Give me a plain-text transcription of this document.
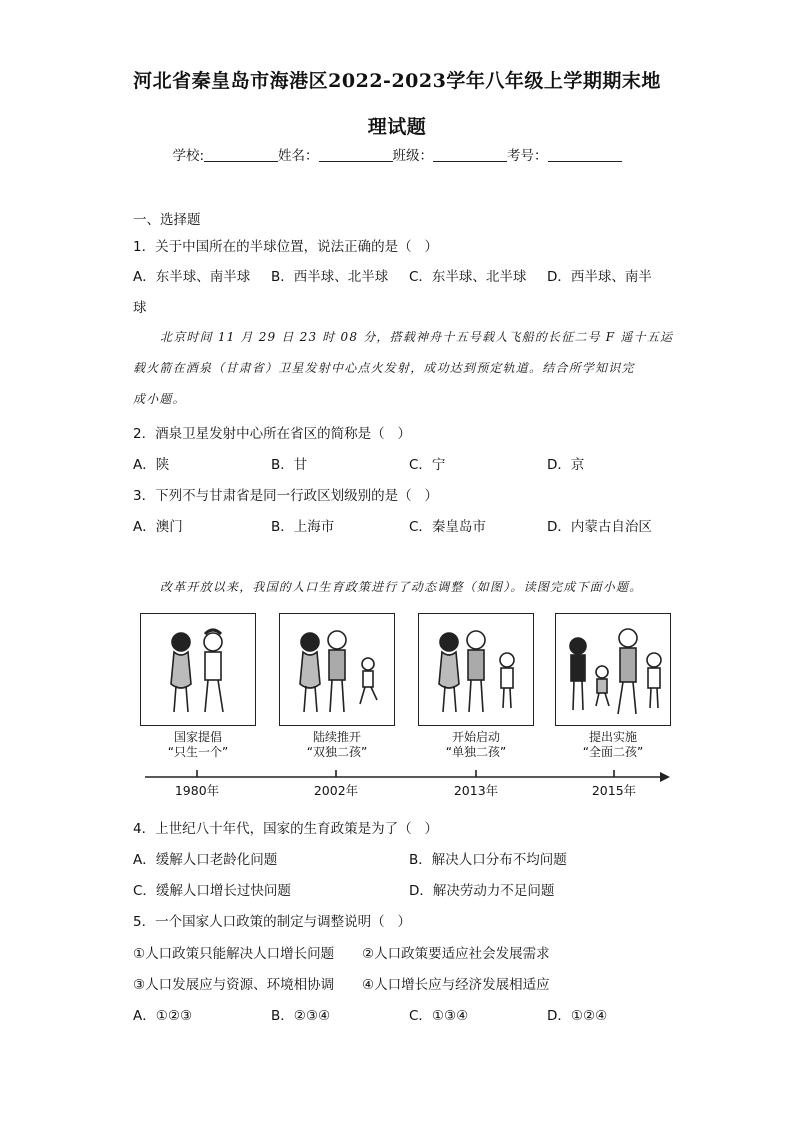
河北省秦皇岛市海港区2022-2023学年八年级上学期期末地
理试题
学校:	姓名：	班级：	考号：
一、选择题
1．关于中国所在的半球位置，说法正确的是（   ）
A．东半球、南半球 B．西半球、北半球 C．东半球、北半球 D．西半球、南半
球
北京时间 11 月 29 日 23 时 08 分，搭载神舟十五号载人飞船的长征二号 F 遥十五运
载火箭在酒泉（甘肃省）卫星发射中心点火发射，成功达到预定轨道。结合所学知识完
成小题。
2．酒泉卫星发射中心所在省区的简称是（   ）
A．陕	B．甘	C．宁	D．京
3．下列不与甘肃省是同一行政区划级别的是（   ）
A．澳门	B．上海市	C．秦皇岛市	D．内蒙古自治区
改革开放以来，我国的人口生育政策进行了动态调整（如图）。读图完成下面小题。
国家提倡
“只生一个”
陆续推开
“双独二孩”
开始启动
“单独二孩”
提出实施
“全面二孩”
1980年	2002年	2013年	2015年
4．上世纪八十年代，国家的生育政策是为了（   ）
A．缓解人口老龄化问题	B．解决人口分布不均问题
C．缓解人口增长过快问题	D．解决劳动力不足问题
5．一个国家人口政策的制定与调整说明（   ）
①人口政策只能解决人口增长问题 ②人口政策要适应社会发展需求
③人口发展应与资源、环境相协调 ④人口增长应与经济发展相适应
A．①②③	B．②③④	C．①③④	D．①②④
